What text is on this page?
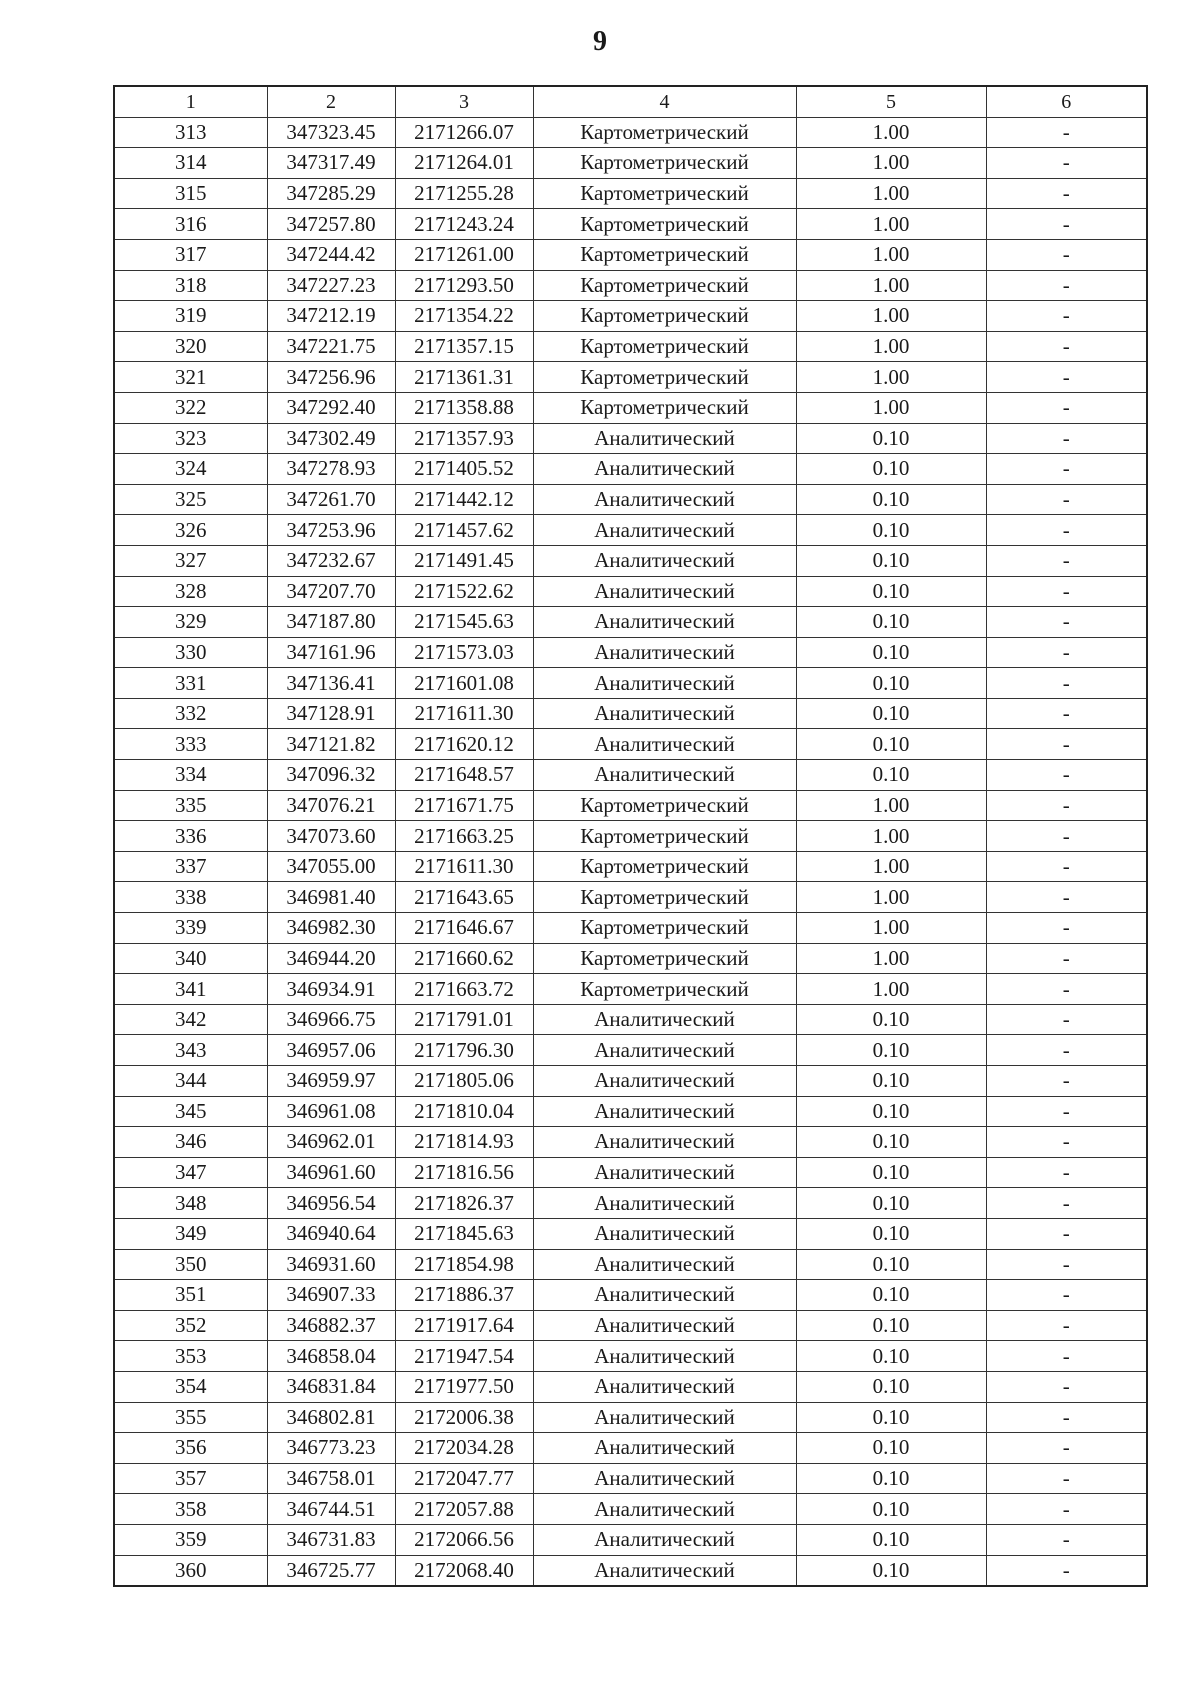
9
1	2	3	4	5	6
313	347323.45	2171266.07	Картометрический	1.00	-
314	347317.49	2171264.01	Картометрический	1.00	-
315	347285.29	2171255.28	Картометрический	1.00	-
316	347257.80	2171243.24	Картометрический	1.00	-
317	347244.42	2171261.00	Картометрический	1.00	-
318	347227.23	2171293.50	Картометрический	1.00	-
319	347212.19	2171354.22	Картометрический	1.00	-
320	347221.75	2171357.15	Картометрический	1.00	-
321	347256.96	2171361.31	Картометрический	1.00	-
322	347292.40	2171358.88	Картометрический	1.00	-
323	347302.49	2171357.93	Аналитический	0.10	-
324	347278.93	2171405.52	Аналитический	0.10	-
325	347261.70	2171442.12	Аналитический	0.10	-
326	347253.96	2171457.62	Аналитический	0.10	-
327	347232.67	2171491.45	Аналитический	0.10	-
328	347207.70	2171522.62	Аналитический	0.10	-
329	347187.80	2171545.63	Аналитический	0.10	-
330	347161.96	2171573.03	Аналитический	0.10	-
331	347136.41	2171601.08	Аналитический	0.10	-
332	347128.91	2171611.30	Аналитический	0.10	-
333	347121.82	2171620.12	Аналитический	0.10	-
334	347096.32	2171648.57	Аналитический	0.10	-
335	347076.21	2171671.75	Картометрический	1.00	-
336	347073.60	2171663.25	Картометрический	1.00	-
337	347055.00	2171611.30	Картометрический	1.00	-
338	346981.40	2171643.65	Картометрический	1.00	-
339	346982.30	2171646.67	Картометрический	1.00	-
340	346944.20	2171660.62	Картометрический	1.00	-
341	346934.91	2171663.72	Картометрический	1.00	-
342	346966.75	2171791.01	Аналитический	0.10	-
343	346957.06	2171796.30	Аналитический	0.10	-
344	346959.97	2171805.06	Аналитический	0.10	-
345	346961.08	2171810.04	Аналитический	0.10	-
346	346962.01	2171814.93	Аналитический	0.10	-
347	346961.60	2171816.56	Аналитический	0.10	-
348	346956.54	2171826.37	Аналитический	0.10	-
349	346940.64	2171845.63	Аналитический	0.10	-
350	346931.60	2171854.98	Аналитический	0.10	-
351	346907.33	2171886.37	Аналитический	0.10	-
352	346882.37	2171917.64	Аналитический	0.10	-
353	346858.04	2171947.54	Аналитический	0.10	-
354	346831.84	2171977.50	Аналитический	0.10	-
355	346802.81	2172006.38	Аналитический	0.10	-
356	346773.23	2172034.28	Аналитический	0.10	-
357	346758.01	2172047.77	Аналитический	0.10	-
358	346744.51	2172057.88	Аналитический	0.10	-
359	346731.83	2172066.56	Аналитический	0.10	-
360	346725.77	2172068.40	Аналитический	0.10	-
